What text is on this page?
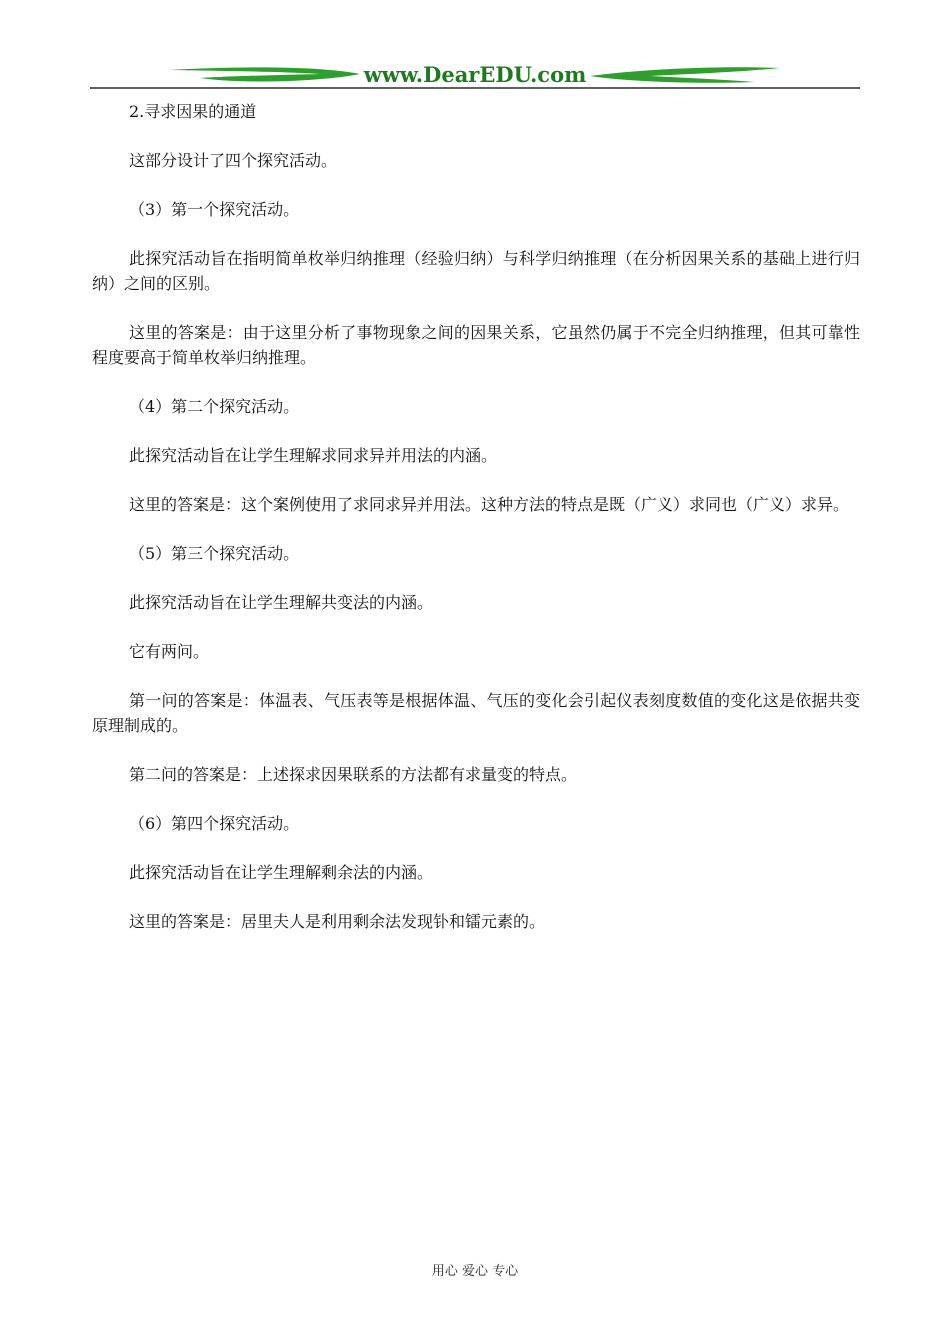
www.DearEDU.com

2.寻求因果的通道

这部分设计了四个探究活动。

（3）第一个探究活动。

此探究活动旨在指明简单枚举归纳推理（经验归纳）与科学归纳推理（在分析因果关系的基础上进行归纳）之间的区别。

这里的答案是：由于这里分析了事物现象之间的因果关系，它虽然仍属于不完全归纳推理，但其可靠性程度要高于简单枚举归纳推理。

（4）第二个探究活动。

此探究活动旨在让学生理解求同求异并用法的内涵。

这里的答案是：这个案例使用了求同求异并用法。这种方法的特点是既（广义）求同也（广义）求异。

（5）第三个探究活动。

此探究活动旨在让学生理解共变法的内涵。

它有两问。

第一问的答案是：体温表、气压表等是根据体温、气压的变化会引起仪表刻度数值的变化这是依据共变原理制成的。

第二问的答案是：上述探求因果联系的方法都有求量变的特点。

（6）第四个探究活动。

此探究活动旨在让学生理解剩余法的内涵。

这里的答案是：居里夫人是利用剩余法发现钋和镭元素的。

用心 爱心 专心
